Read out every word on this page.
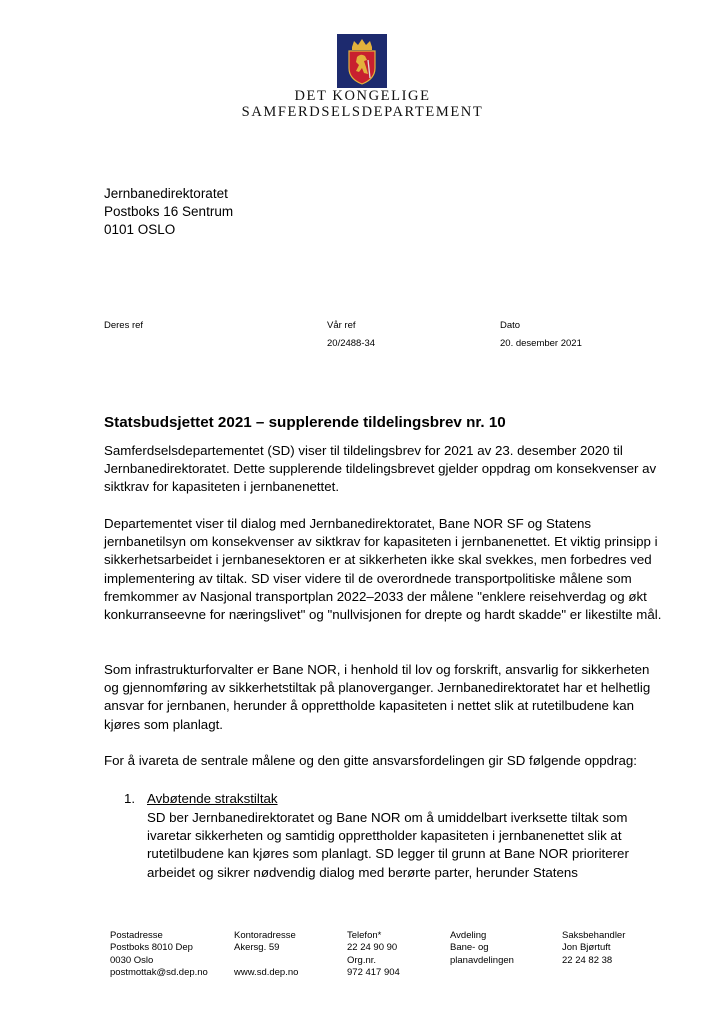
DET KONGELIGE
SAMFERDSELSDEPARTEMENT
Jernbanedirektoratet
Postboks 16 Sentrum
0101 OSLO
Deres ref	Vår ref
20/2488-34
Dato
20. desember 2021
Statsbudsjettet 2021 – supplerende tildelingsbrev nr. 10
Samferdselsdepartementet (SD) viser til tildelingsbrev for 2021 av 23. desember 2020 til Jernbanedirektoratet. Dette supplerende tildelingsbrevet gjelder oppdrag om konsekvenser av siktkrav for kapasiteten i jernbanenettet.
Departementet viser til dialog med Jernbanedirektoratet, Bane NOR SF og Statens jernbanetilsyn om konsekvenser av siktkrav for kapasiteten i jernbanenettet. Et viktig prinsipp i sikkerhetsarbeidet i jernbanesektoren er at sikkerheten ikke skal svekkes, men forbedres ved implementering av tiltak. SD viser videre til de overordnede transportpolitiske målene som fremkommer av Nasjonal transportplan 2022–2033 der målene "enklere reisehverdag og økt konkurranseevne for næringslivet" og "nullvisjonen for drepte og hardt skadde" er likestilte mål.
Som infrastrukturforvalter er Bane NOR, i henhold til lov og forskrift, ansvarlig for sikkerheten og gjennomføring av sikkerhetstiltak på planoverganger. Jernbanedirektoratet har et helhetlig ansvar for jernbanen, herunder å opprettholde kapasiteten i nettet slik at rutetilbudene kan kjøres som planlagt.
For å ivareta de sentrale målene og den gitte ansvarsfordelingen gir SD følgende oppdrag:
1. Avbøtende strakstiltak
SD ber Jernbanedirektoratet og Bane NOR om å umiddelbart iverksette tiltak som ivaretar sikkerheten og samtidig opprettholder kapasiteten i jernbanenettet slik at rutetilbudene kan kjøres som planlagt. SD legger til grunn at Bane NOR prioriterer arbeidet og sikrer nødvendig dialog med berørte parter, herunder Statens
Postadresse
Postboks 8010 Dep
0030 Oslo
postmottak@sd.dep.no
Kontoradresse
Akersg. 59
www.sd.dep.no
Telefon*
22 24 90 90
Org.nr.
972 417 904
Avdeling
Bane- og
planavdelingen
Saksbehandler
Jon Bjørtuft
22 24 82 38
